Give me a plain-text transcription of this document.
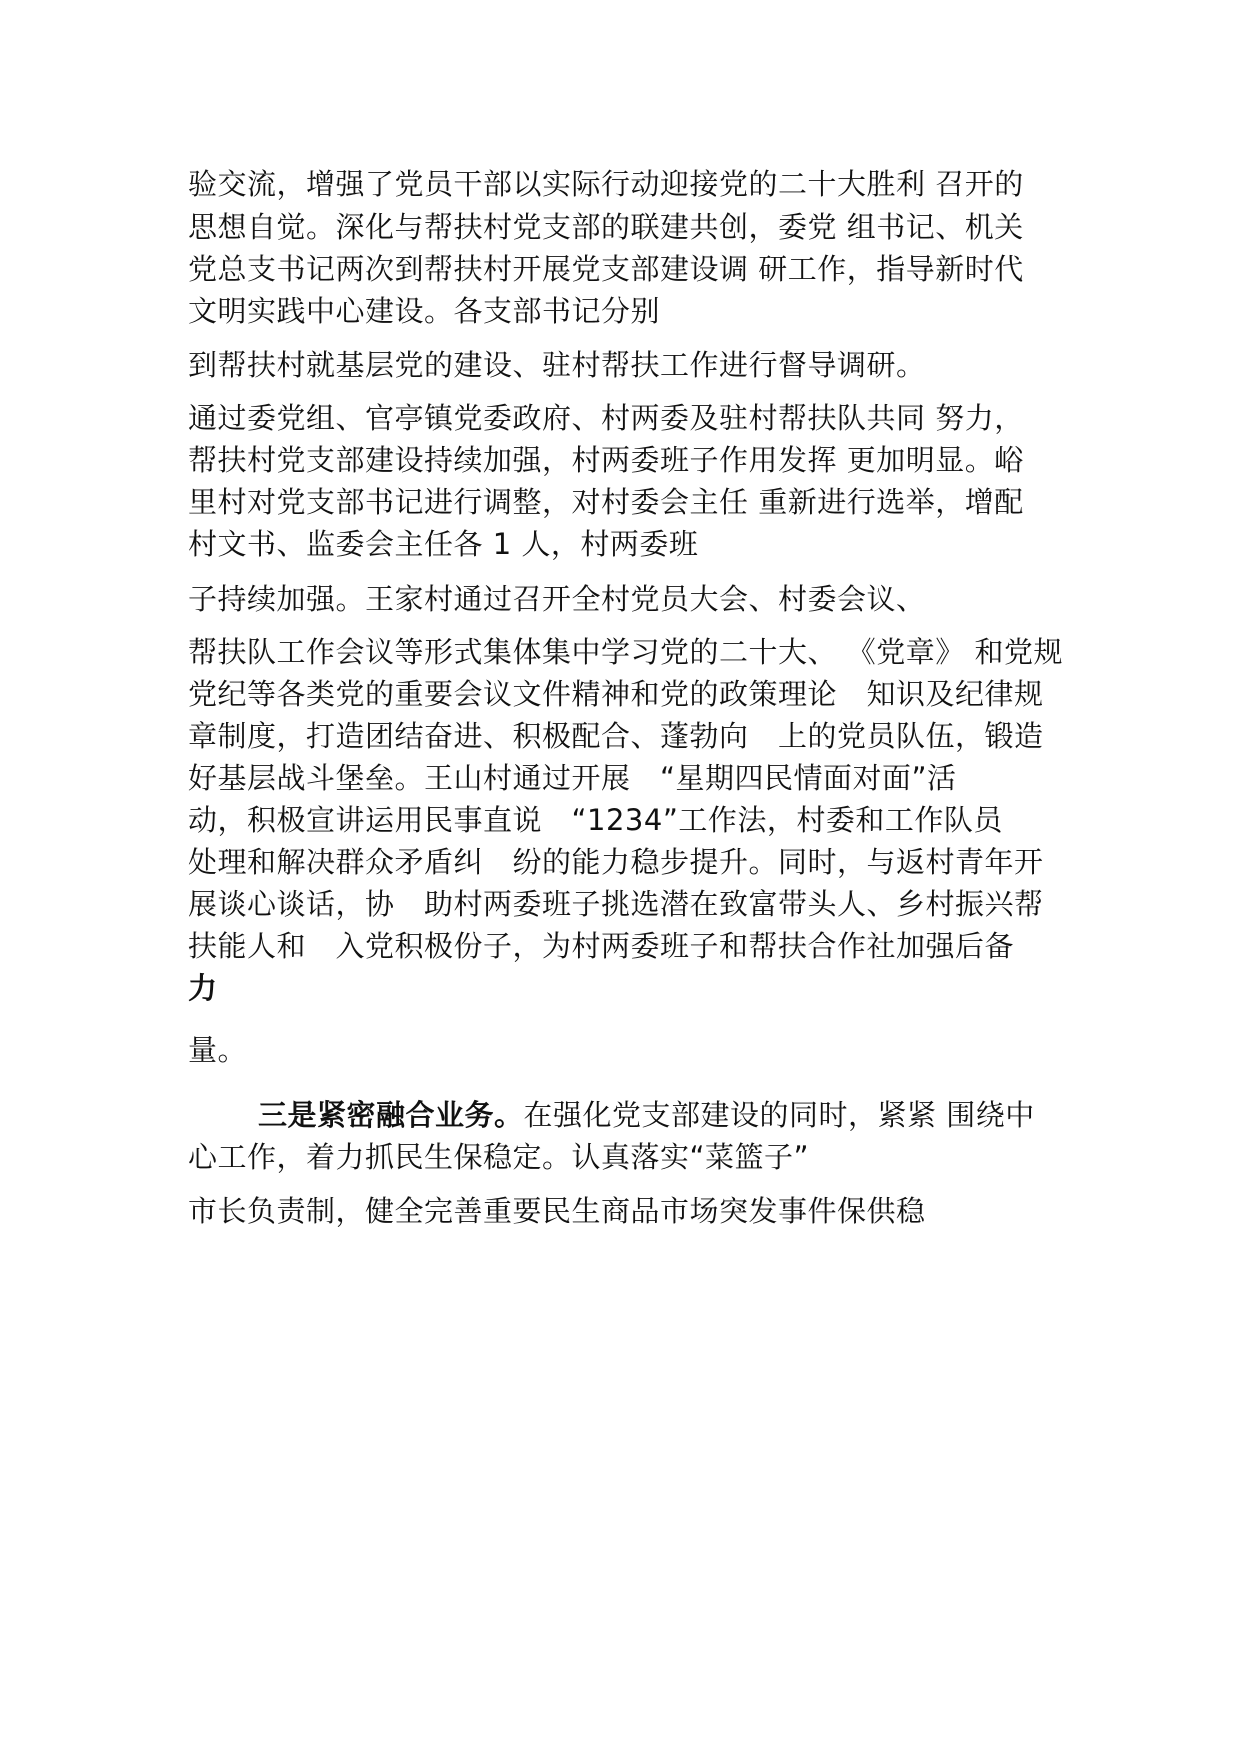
验交流，增强了党员干部以实际行动迎接党的二十大胜利 召开的
思想自觉。深化与帮扶村党支部的联建共创，委党 组书记、机关
党总支书记两次到帮扶村开展党支部建设调 研工作，指导新时代
文明实践中心建设。各支部书记分别
到帮扶村就基层党的建设、驻村帮扶工作进行督导调研。
通过委党组、官亭镇党委政府、村两委及驻村帮扶队共同 努力，
帮扶村党支部建设持续加强，村两委班子作用发挥 更加明显。峪
里村对党支部书记进行调整，对村委会主任 重新进行选举，增配
村文书、监委会主任各 1 人，村两委班
子持续加强。王家村通过召开全村党员大会、村委会议、
帮扶队工作会议等形式集体集中学习党的二十大、 《党章》 和党规
党纪等各类党的重要会议文件精神和党的政策理论　知识及纪律规
章制度，打造团结奋进、积极配合、蓬勃向　上的党员队伍，锻造
好基层战斗堡垒。王山村通过开展　“星期四民情面对面”活
动，积极宣讲运用民事直说　“1234”工作法，村委和工作队员
处理和解决群众矛盾纠　纷的能力稳步提升。同时，与返村青年开
展谈心谈话，协　助村两委班子挑选潜在致富带头人、乡村振兴帮
扶能人和　入党积极份子，为村两委班子和帮扶合作社加强后备
力
量。
三是紧密融合业务。在强化党支部建设的同时，紧紧 围绕中
心工作，着力抓民生保稳定。认真落实“菜篮子”
市长负责制，健全完善重要民生商品市场突发事件保供稳
